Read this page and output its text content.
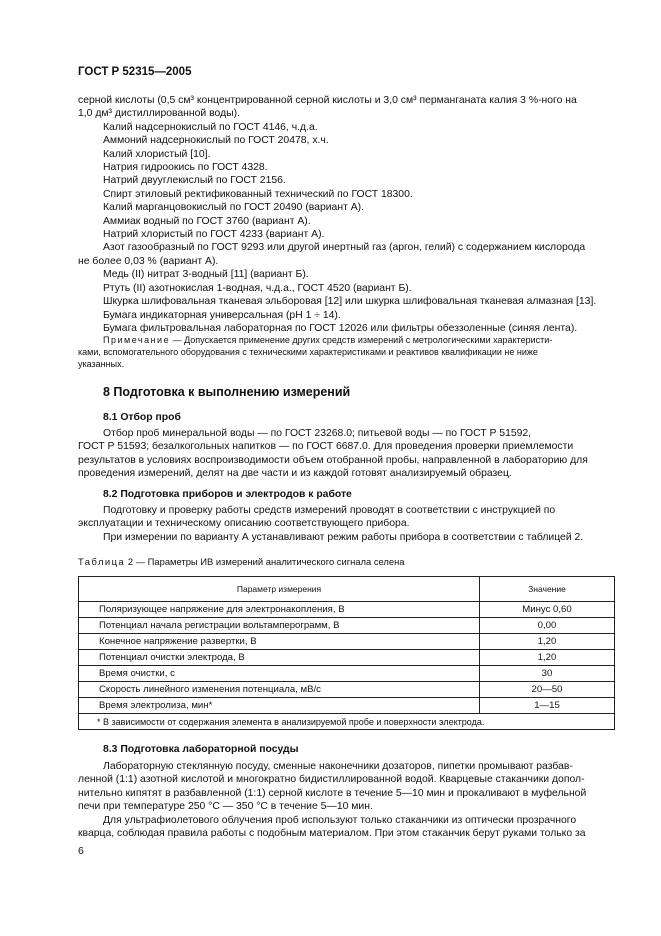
ГОСТ Р 52315—2005

серной кислоты (0,5 см³ концентрированной серной кислоты и 3,0 см³ перманганата калия 3 %-ного на

1,0 дм³ дистиллированной воды).

Калий надсернокислый по ГОСТ 4146, ч.д.а.

Аммоний надсернокислый по ГОСТ 20478, х.ч.

Калий хлористый [10].

Натрия гидроокись по ГОСТ 4328.

Натрий двууглекислый по ГОСТ 2156.

Спирт этиловый ректификованный технический по ГОСТ 18300.

Калий марганцовокислый по ГОСТ 20490 (вариант А).

Аммиак водный по ГОСТ 3760 (вариант А).

Натрий хлористый по ГОСТ 4233 (вариант А).

Азот газообразный по ГОСТ 9293 или другой инертный газ (аргон, гелий) с содержанием кислорода

не более 0,03 % (вариант А).

Медь (II) нитрат 3-водный [11] (вариант Б).

Ртуть (II) азотнокислая 1-водная, ч.д.а., ГОСТ 4520 (вариант Б).

Шкурка шлифовальная тканевая эльборовая [12] или шкурка шлифовальная тканевая алмазная [13].

Бумага индикаторная универсальная (рН 1 ÷ 14).

Бумага фильтровальная лабораторная по ГОСТ 12026 или фильтры обеззоленные (синяя лента).

Примечание — Допускается применение других средств измерений с метрологическими характеристи-

ками, вспомогательного оборудования с техническими характеристиками и реактивов квалификации не ниже

указанных.

8 Подготовка к выполнению измерений

8.1 Отбор проб

Отбор проб минеральной воды — по ГОСТ 23268.0; питьевой воды — по ГОСТ Р 51592,

ГОСТ Р 51593; безалкогольных напитков — по ГОСТ 6687.0. Для проведения проверки приемлемости

результатов в условиях воспроизводимости объем отобранной пробы, направленной в лабораторию для

проведения измерений, делят на две части и из каждой готовят анализируемый образец.

8.2 Подготовка приборов и электродов к работе

Подготовку и проверку работы средств измерений проводят в соответствии с инструкцией по

эксплуатации и техническому описанию соответствующего прибора.

При измерении по варианту А устанавливают режим работы прибора в соответствии с таблицей 2.

Таблица 2 — Параметры ИВ измерений аналитического сигнала селена

Параметр измерения	Значение
Поляризующее напряжение для электронакопления, В	Минус 0,60
Потенциал начала регистрации вольтамперограмм, В	0,00
Конечное напряжение развертки, В	1,20
Потенциал очистки электрода, В	1,20
Время очистки, с	30
Скорость линейного изменения потенциала, мВ/с	20—50
Время электролиза, мин*	1—15
* В зависимости от содержания элемента в анализируемой пробе и поверхности электрода.	

8.3 Подготовка лабораторной посуды

Лабораторную стеклянную посуду, сменные наконечники дозаторов, пипетки промывают разбав-

ленной (1:1) азотной кислотой и многократно бидистиллированной водой. Кварцевые стаканчики допол-

нительно кипятят в разбавленной (1:1) серной кислоте в течение 5—10 мин и прокаливают в муфельной

печи при температуре 250 °С — 350 °С в течение 5—10 мин.

Для ультрафиолетового облучения проб используют только стаканчики из оптически прозрачного

кварца, соблюдая правила работы с подобным материалом. При этом стаканчик берут руками только за

6
